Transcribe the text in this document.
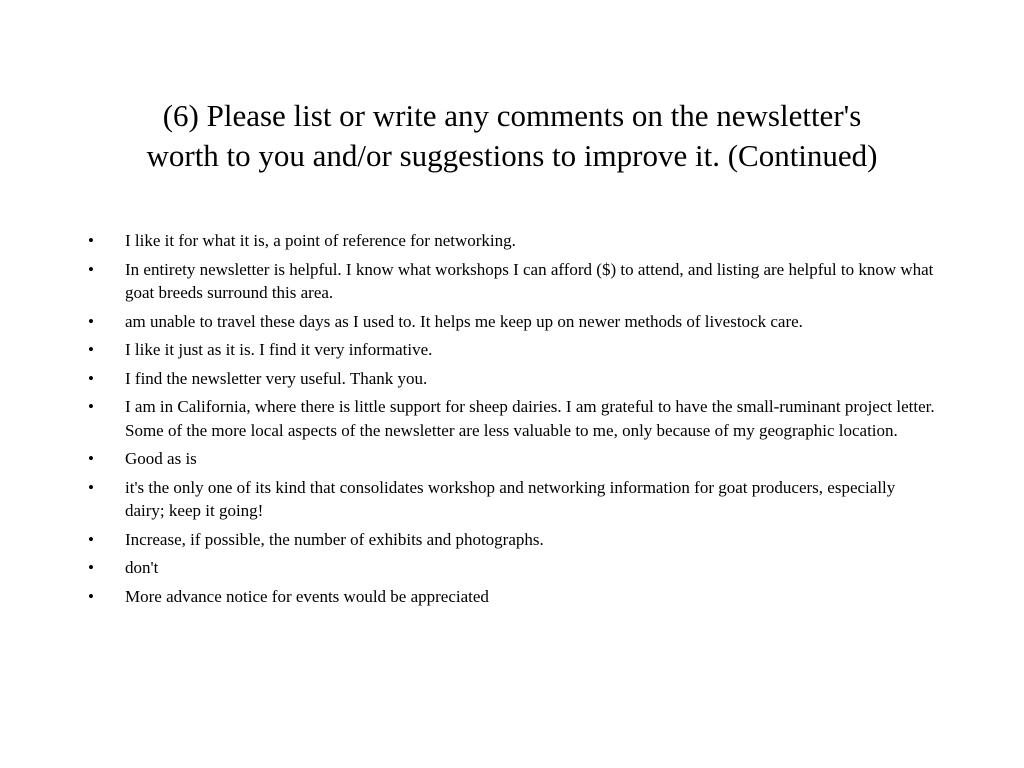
(6) Please list or write any comments on the newsletter's
worth to you and/or suggestions to improve it. (Continued)
•	I like it for what it is, a point of reference for networking.
•	In entirety newsletter is helpful. I know what workshops I can afford ($) to attend, and listing are helpful to know what goat breeds surround this area.
•	am unable to travel these days as I used to. It helps me keep up on newer methods of livestock care.
•	I like it just as it is. I find it very informative.
•	I find the newsletter very useful. Thank you.
•	I am in California, where there is little support for sheep dairies. I am grateful to have the small-ruminant project letter. Some of the more local aspects of the newsletter are less valuable to me, only because of my geographic location.
•	Good as is
•	it's the only one of its kind that consolidates workshop and networking information for goat producers, especially dairy; keep it going!
•	Increase, if possible, the number of exhibits and photographs.
•	don't
•	More advance notice for events would be appreciated
